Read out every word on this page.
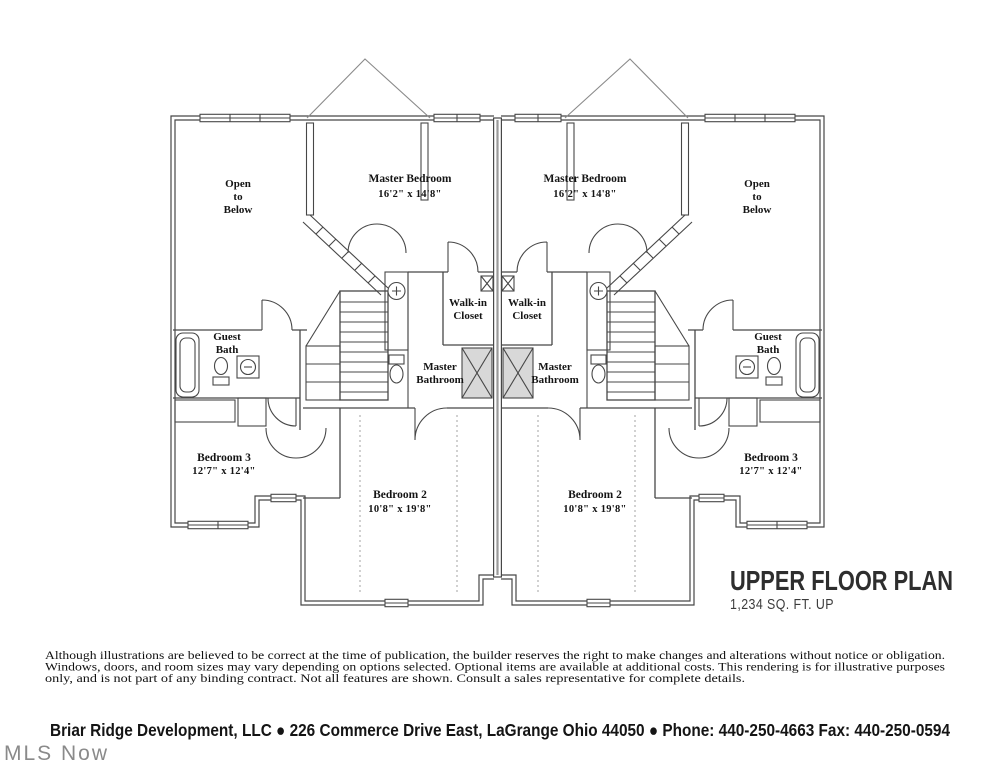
Open
to
Below
Master Bedroom
16'2" x 14'8"
Walk-in
Closet
Master
Bathroom
Guest
Bath
Bedroom 3
12'7" x 12'4"
Bedroom 2
10'8" x 19'8"
Open
to
Below
Master Bedroom
16'2" x 14'8"
Walk-in
Closet
Master
Bathroom
Guest
Bath
Bedroom 3
12'7" x 12'4"
Bedroom 2
10'8" x 19'8"
UPPER FLOOR PLAN
1,234 SQ. FT. UP
Although illustrations are believed to be correct at the time of publication, the builder reserves the right to make changes and alterations without notice or obligation.
Windows, doors, and room sizes may vary depending on options selected. Optional items are available at additional costs. This rendering is for illustrative purposes
only, and is not part of any binding contract. Not all features are shown. Consult a sales representative for complete details.
Briar Ridge Development, LLC ● 226 Commerce Drive East, LaGrange Ohio 44050 ● Phone: 440-250-4663 Fax: 440-250-0594
MLS Now
